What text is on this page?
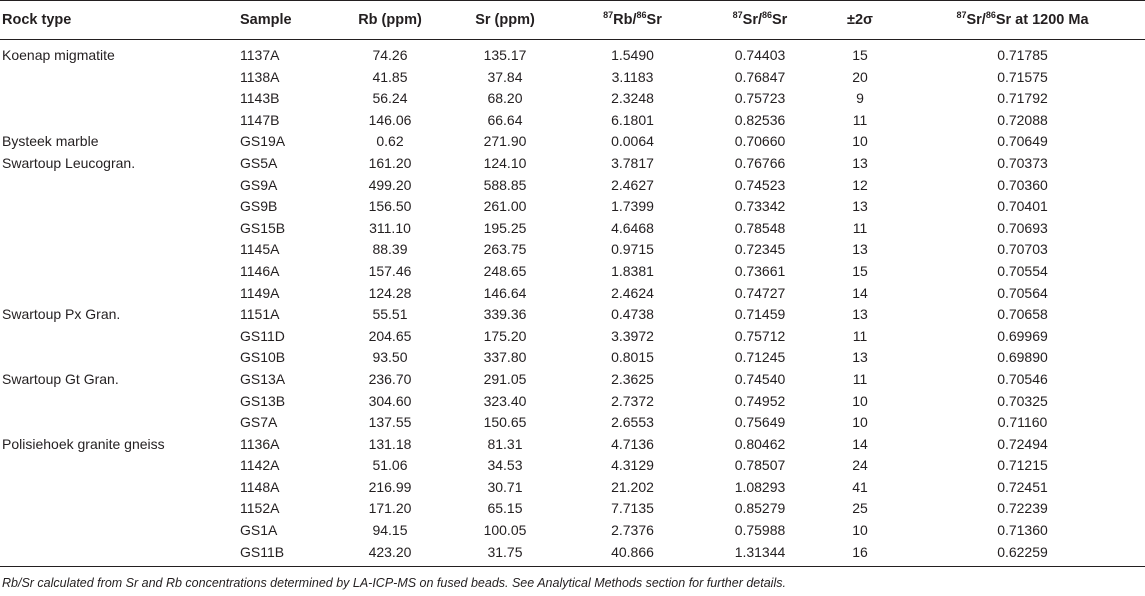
Rock type	Sample	Rb (ppm)	Sr (ppm)	$^{87}$Rb/$^{86}$Sr	$^{87}$Sr/$^{86}$Sr	±2σ	$^{87}$Sr/$^{86}$Sr at 1200 Ma
Koenap migmatite	1137A	74.26	135.17	1.5490	0.74403	15	0.71785
	1138A	41.85	37.84	3.1183	0.76847	20	0.71575
	1143B	56.24	68.20	2.3248	0.75723	9	0.71792
	1147B	146.06	66.64	6.1801	0.82536	11	0.72088
Bysteek marble	GS19A	0.62	271.90	0.0064	0.70660	10	0.70649
Swartoup Leucogran.	GS5A	161.20	124.10	3.7817	0.76766	13	0.70373
	GS9A	499.20	588.85	2.4627	0.74523	12	0.70360
	GS9B	156.50	261.00	1.7399	0.73342	13	0.70401
	GS15B	311.10	195.25	4.6468	0.78548	11	0.70693
	1145A	88.39	263.75	0.9715	0.72345	13	0.70703
	1146A	157.46	248.65	1.8381	0.73661	15	0.70554
	1149A	124.28	146.64	2.4624	0.74727	14	0.70564
Swartoup Px Gran.	1151A	55.51	339.36	0.4738	0.71459	13	0.70658
	GS11D	204.65	175.20	3.3972	0.75712	11	0.69969
	GS10B	93.50	337.80	0.8015	0.71245	13	0.69890
Swartoup Gt Gran.	GS13A	236.70	291.05	2.3625	0.74540	11	0.70546
	GS13B	304.60	323.40	2.7372	0.74952	10	0.70325
	GS7A	137.55	150.65	2.6553	0.75649	10	0.71160
Polisiehoek granite gneiss	1136A	131.18	81.31	4.7136	0.80462	14	0.72494
	1142A	51.06	34.53	4.3129	0.78507	24	0.71215
	1148A	216.99	30.71	21.202	1.08293	41	0.72451
	1152A	171.20	65.15	7.7135	0.85279	25	0.72239
	GS1A	94.15	100.05	2.7376	0.75988	10	0.71360
	GS11B	423.20	31.75	40.866	1.31344	16	0.62259
Rb/Sr calculated from Sr and Rb concentrations determined by LA-ICP-MS on fused beads. See Analytical Methods section for further details.
